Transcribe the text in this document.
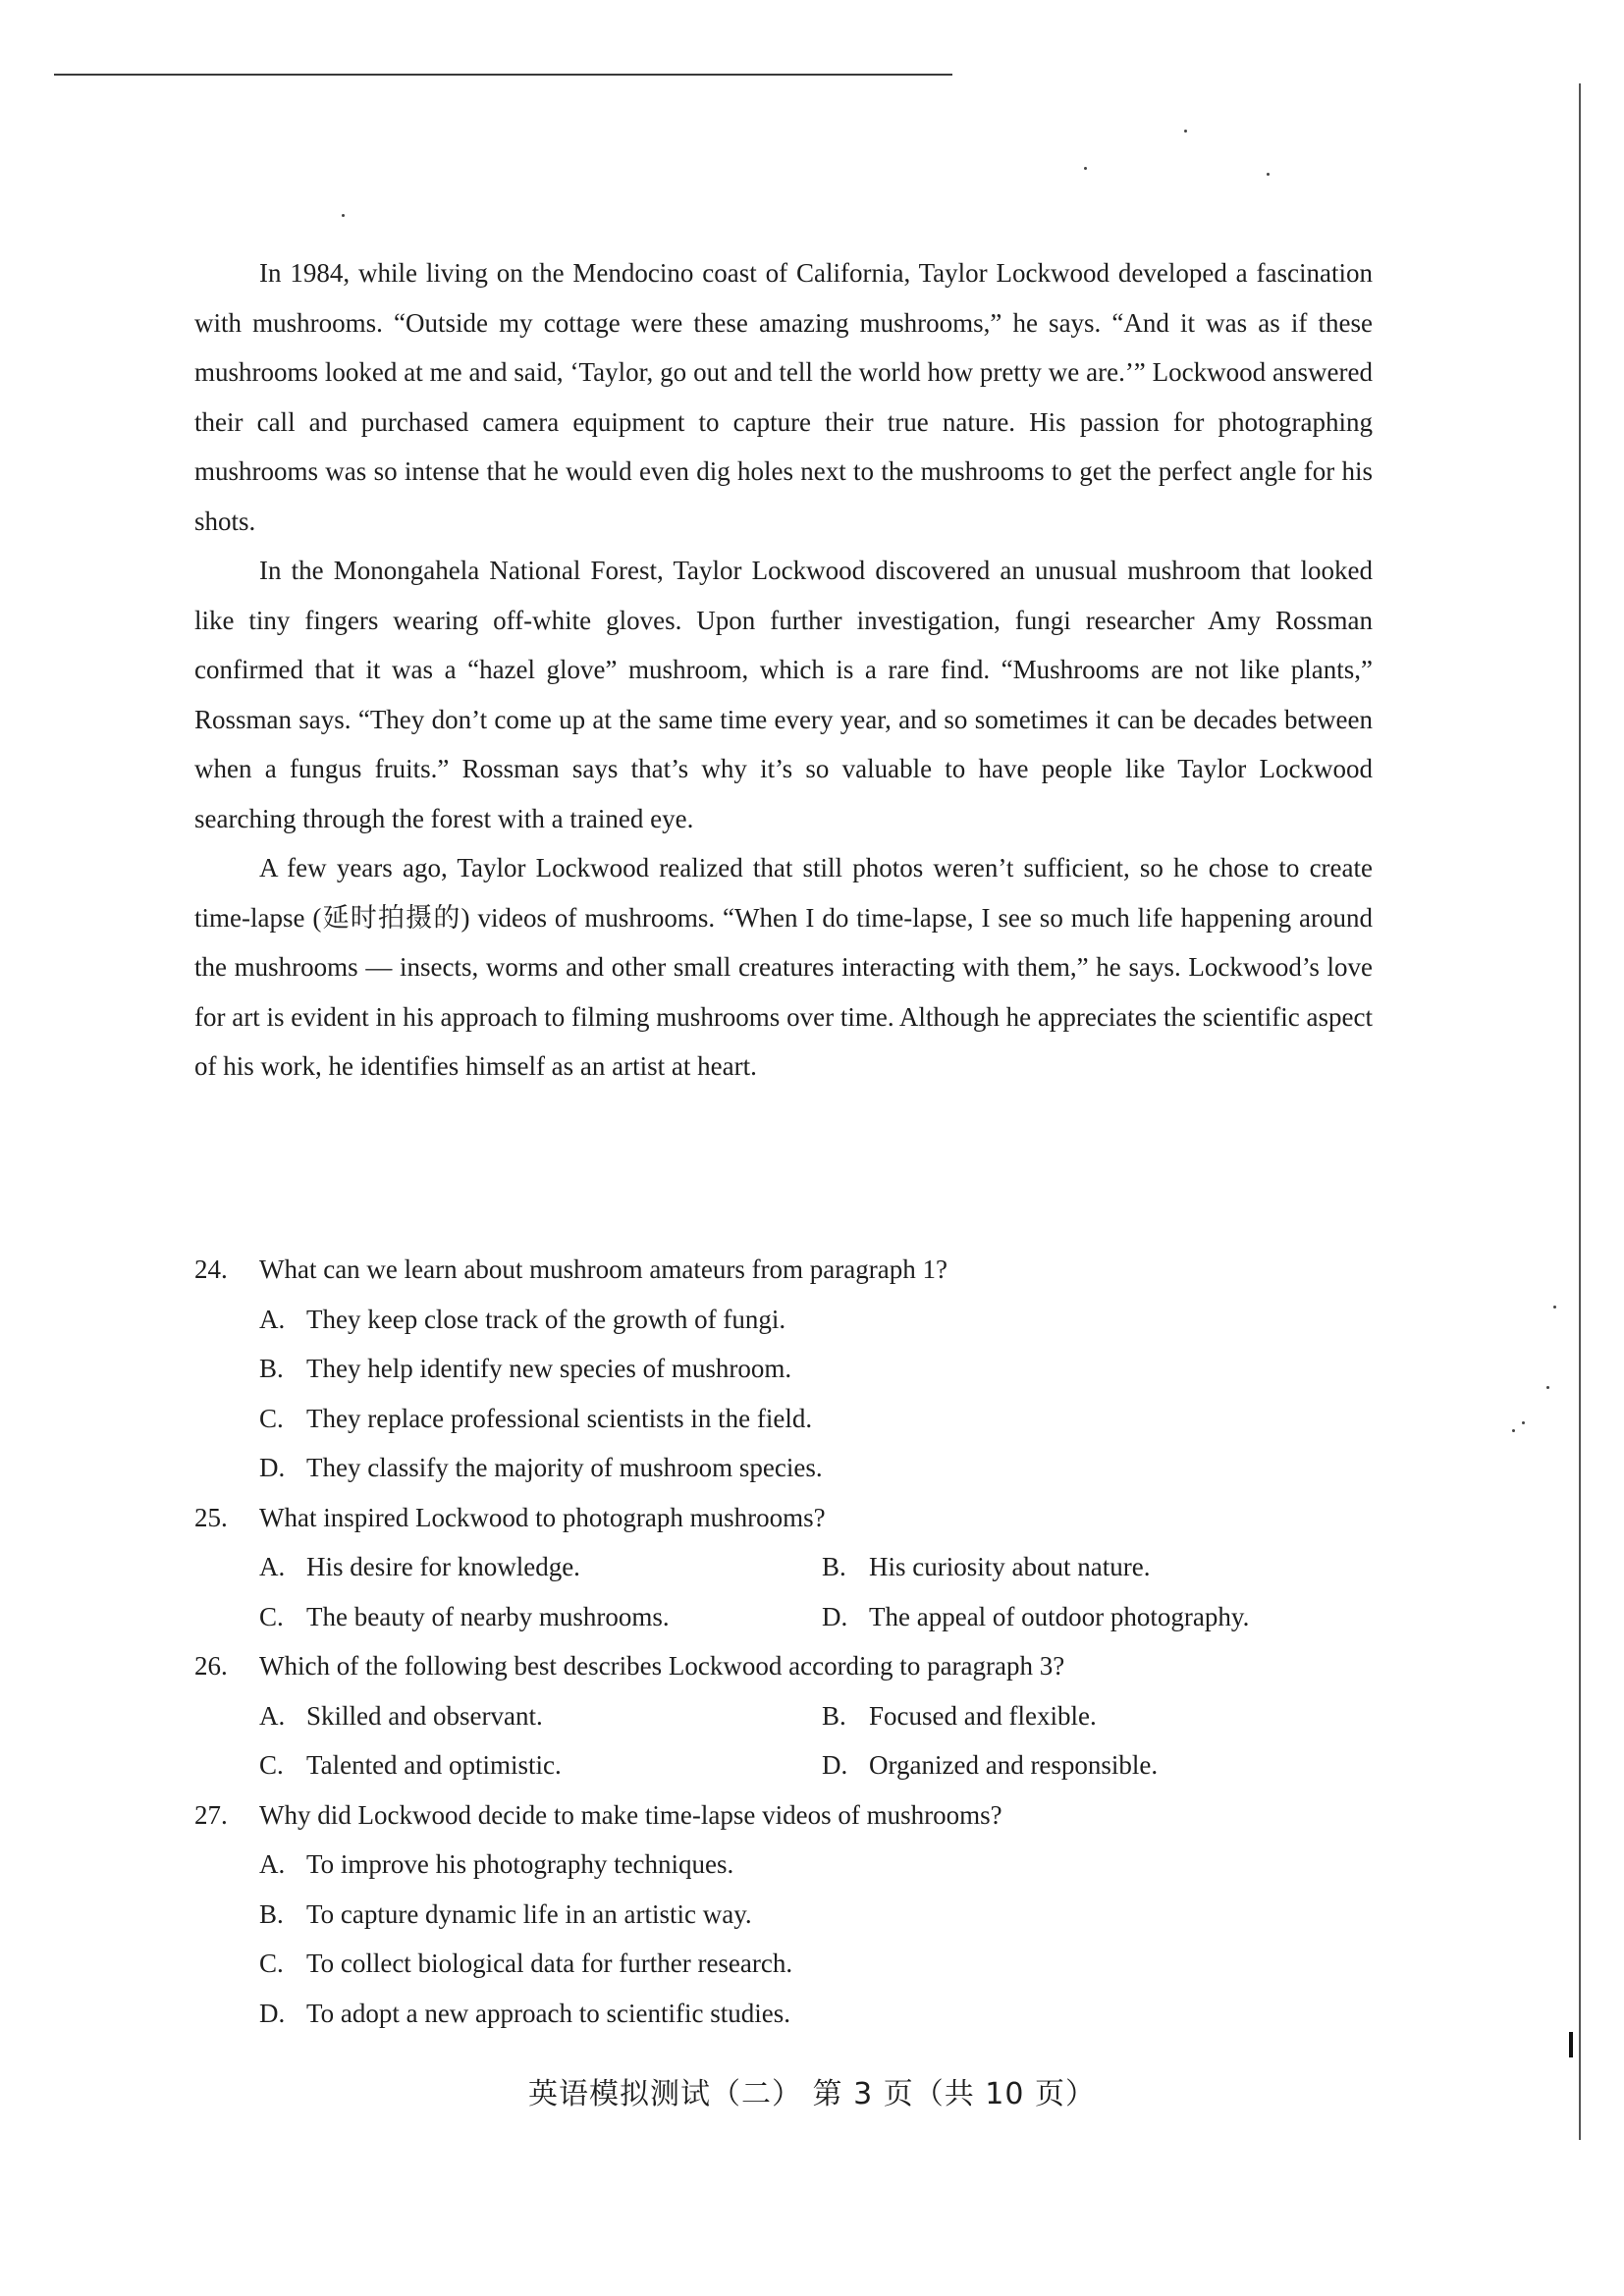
In 1984, while living on the Mendocino coast of California, Taylor Lockwood developed a fascination with mushrooms. “Outside my cottage were these amazing mushrooms,” he says. “And it was as if these mushrooms looked at me and said, ‘Taylor, go out and tell the world how pretty we are.’” Lockwood answered their call and purchased camera equipment to capture their true nature. His passion for photographing mushrooms was so intense that he would even dig holes next to the mushrooms to get the perfect angle for his shots.

In the Monongahela National Forest, Taylor Lockwood discovered an unusual mushroom that looked like tiny fingers wearing off-white gloves. Upon further investigation, fungi researcher Amy Rossman confirmed that it was a “hazel glove” mushroom, which is a rare find. “Mushrooms are not like plants,” Rossman says. “They don’t come up at the same time every year, and so sometimes it can be decades between when a fungus fruits.” Rossman says that’s why it’s so valuable to have people like Taylor Lockwood searching through the forest with a trained eye.

A few years ago, Taylor Lockwood realized that still photos weren’t sufficient, so he chose to create time-lapse (延时拍摄的) videos of mushrooms. “When I do time-lapse, I see so much life happening around the mushrooms — insects, worms and other small creatures interacting with them,” he says. Lockwood’s love for art is evident in his approach to filming mushrooms over time. Although he appreciates the scientific aspect of his work, he identifies himself as an artist at heart.

24.	What can we learn about mushroom amateurs from paragraph 1?
A. They keep close track of the growth of fungi.
B. They help identify new species of mushroom.
C. They replace professional scientists in the field.
D. They classify the majority of mushroom species.
25.	What inspired Lockwood to photograph mushrooms?
A. His desire for knowledge.	B. His curiosity about nature.
C. The beauty of nearby mushrooms.	D. The appeal of outdoor photography.
26.	Which of the following best describes Lockwood according to paragraph 3?
A. Skilled and observant.	B. Focused and flexible.
C. Talented and optimistic.	D. Organized and responsible.
27.	Why did Lockwood decide to make time-lapse videos of mushrooms?
A. To improve his photography techniques.
B. To capture dynamic life in an artistic way.
C. To collect biological data for further research.
D. To adopt a new approach to scientific studies.
英语模拟测试（二） 第 3 页（共 10 页）
